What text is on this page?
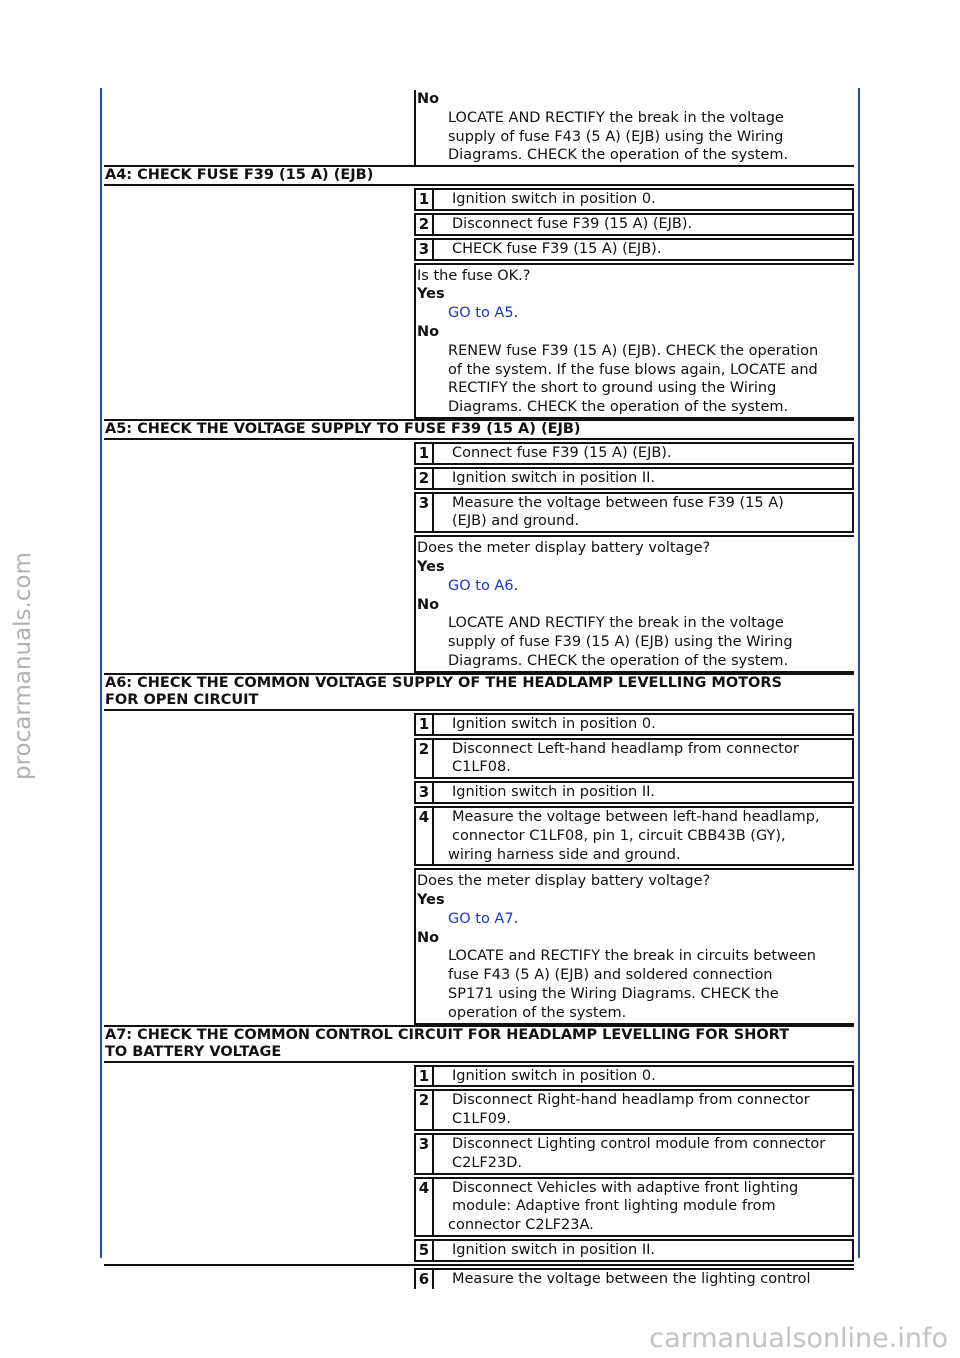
procarmanuals.com
carmanualsonline.info
No
LOCATE AND RECTIFY the break in the voltage
supply of fuse F43 (5 A) (EJB) using the Wiring
Diagrams. CHECK the operation of the system.
A4: CHECK FUSE F39 (15 A) (EJB)
1	Ignition switch in position 0.
2	Disconnect fuse F39 (15 A) (EJB).
3	CHECK fuse F39 (15 A) (EJB).
Is the fuse OK.?
Yes
GO to A5.
No
RENEW fuse F39 (15 A) (EJB). CHECK the operation
of the system. If the fuse blows again, LOCATE and
RECTIFY the short to ground using the Wiring
Diagrams. CHECK the operation of the system.
A5: CHECK THE VOLTAGE SUPPLY TO FUSE F39 (15 A) (EJB)
1	Connect fuse F39 (15 A) (EJB).
2	Ignition switch in position II.
3	Measure the voltage between fuse F39 (15 A)
(EJB) and ground.
Does the meter display battery voltage?
Yes
GO to A6.
No
LOCATE AND RECTIFY the break in the voltage
supply of fuse F39 (15 A) (EJB) using the Wiring
Diagrams. CHECK the operation of the system.
A6: CHECK THE COMMON VOLTAGE SUPPLY OF THE HEADLAMP LEVELLING MOTORS
FOR OPEN CIRCUIT
1	Ignition switch in position 0.
2	Disconnect Left-hand headlamp from connector
C1LF08.
3	Ignition switch in position II.
4	Measure the voltage between left-hand headlamp,
connector C1LF08, pin 1, circuit CBB43B (GY),
wiring harness side and ground.
Does the meter display battery voltage?
Yes
GO to A7.
No
LOCATE and RECTIFY the break in circuits between
fuse F43 (5 A) (EJB) and soldered connection
SP171 using the Wiring Diagrams. CHECK the
operation of the system.
A7: CHECK THE COMMON CONTROL CIRCUIT FOR HEADLAMP LEVELLING FOR SHORT
TO BATTERY VOLTAGE
1	Ignition switch in position 0.
2	Disconnect Right-hand headlamp from connector
C1LF09.
3	Disconnect Lighting control module from connector
C2LF23D.
4	Disconnect Vehicles with adaptive front lighting
module: Adaptive front lighting module from
connector C2LF23A.
5	Ignition switch in position II.
6	Measure the voltage between the lighting control
